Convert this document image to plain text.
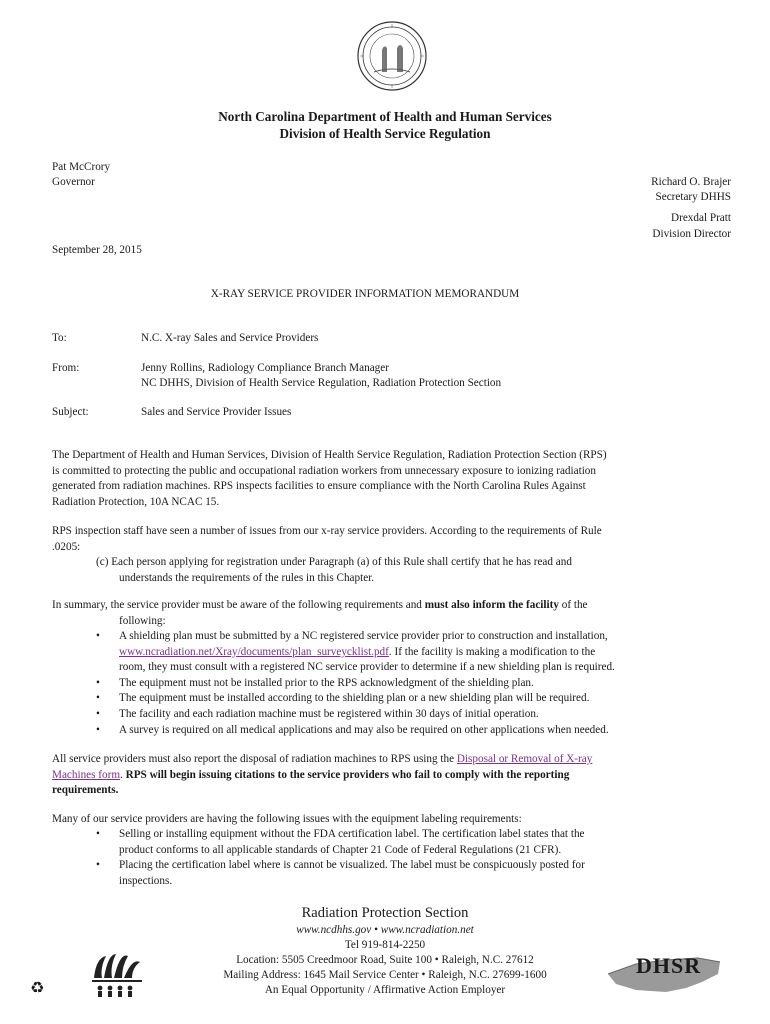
North Carolina Department of Health and Human Services
Division of Health Service Regulation
Pat McCrory
Governor	Richard O. Brajer
Secretary DHHS
Drexdal Pratt
Division Director
September 28, 2015
X-RAY SERVICE PROVIDER INFORMATION MEMORANDUM
To:	N.C. X-ray Sales and Service Providers
From:	Jenny Rollins, Radiology Compliance Branch Manager
NC DHHS, Division of Health Service Regulation, Radiation Protection Section
Subject:	Sales and Service Provider Issues
The Department of Health and Human Services, Division of Health Service Regulation, Radiation Protection Section (RPS)
is committed to protecting the public and occupational radiation workers from unnecessary exposure to ionizing radiation
generated from radiation machines. RPS inspects facilities to ensure compliance with the North Carolina Rules Against
Radiation Protection, 10A NCAC 15.
RPS inspection staff have seen a number of issues from our x-ray service providers. According to the requirements of Rule
.0205:
(c) Each person applying for registration under Paragraph (a) of this Rule shall certify that he has read and
understands the requirements of the rules in this Chapter.
In summary, the service provider must be aware of the following requirements and must also inform the facility of the
following:
• A shielding plan must be submitted by a NC registered service provider prior to construction and installation,
www.ncradiation.net/Xray/documents/plan_surveycklist.pdf. If the facility is making a modification to the
room, they must consult with a registered NC service provider to determine if a new shielding plan is required.
• The equipment must not be installed prior to the RPS acknowledgment of the shielding plan.
• The equipment must be installed according to the shielding plan or a new shielding plan will be required.
• The facility and each radiation machine must be registered within 30 days of initial operation.
• A survey is required on all medical applications and may also be required on other applications when needed.
All service providers must also report the disposal of radiation machines to RPS using the Disposal or Removal of X-ray
Machines form. RPS will begin issuing citations to the service providers who fail to comply with the reporting
requirements.
Many of our service providers are having the following issues with the equipment labeling requirements:
• Selling or installing equipment without the FDA certification label. The certification label states that the
product conforms to all applicable standards of Chapter 21 Code of Federal Regulations (21 CFR).
• Placing the certification label where is cannot be visualized. The label must be conspicuously posted for
inspections.
Radiation Protection Section
www.ncdhhs.gov • www.ncradiation.net
Tel 919-814-2250
Location: 5505 Creedmoor Road, Suite 100 • Raleigh, N.C. 27612
Mailing Address: 1645 Mail Service Center • Raleigh, N.C. 27699-1600
An Equal Opportunity / Affirmative Action Employer
♻
DHSR
